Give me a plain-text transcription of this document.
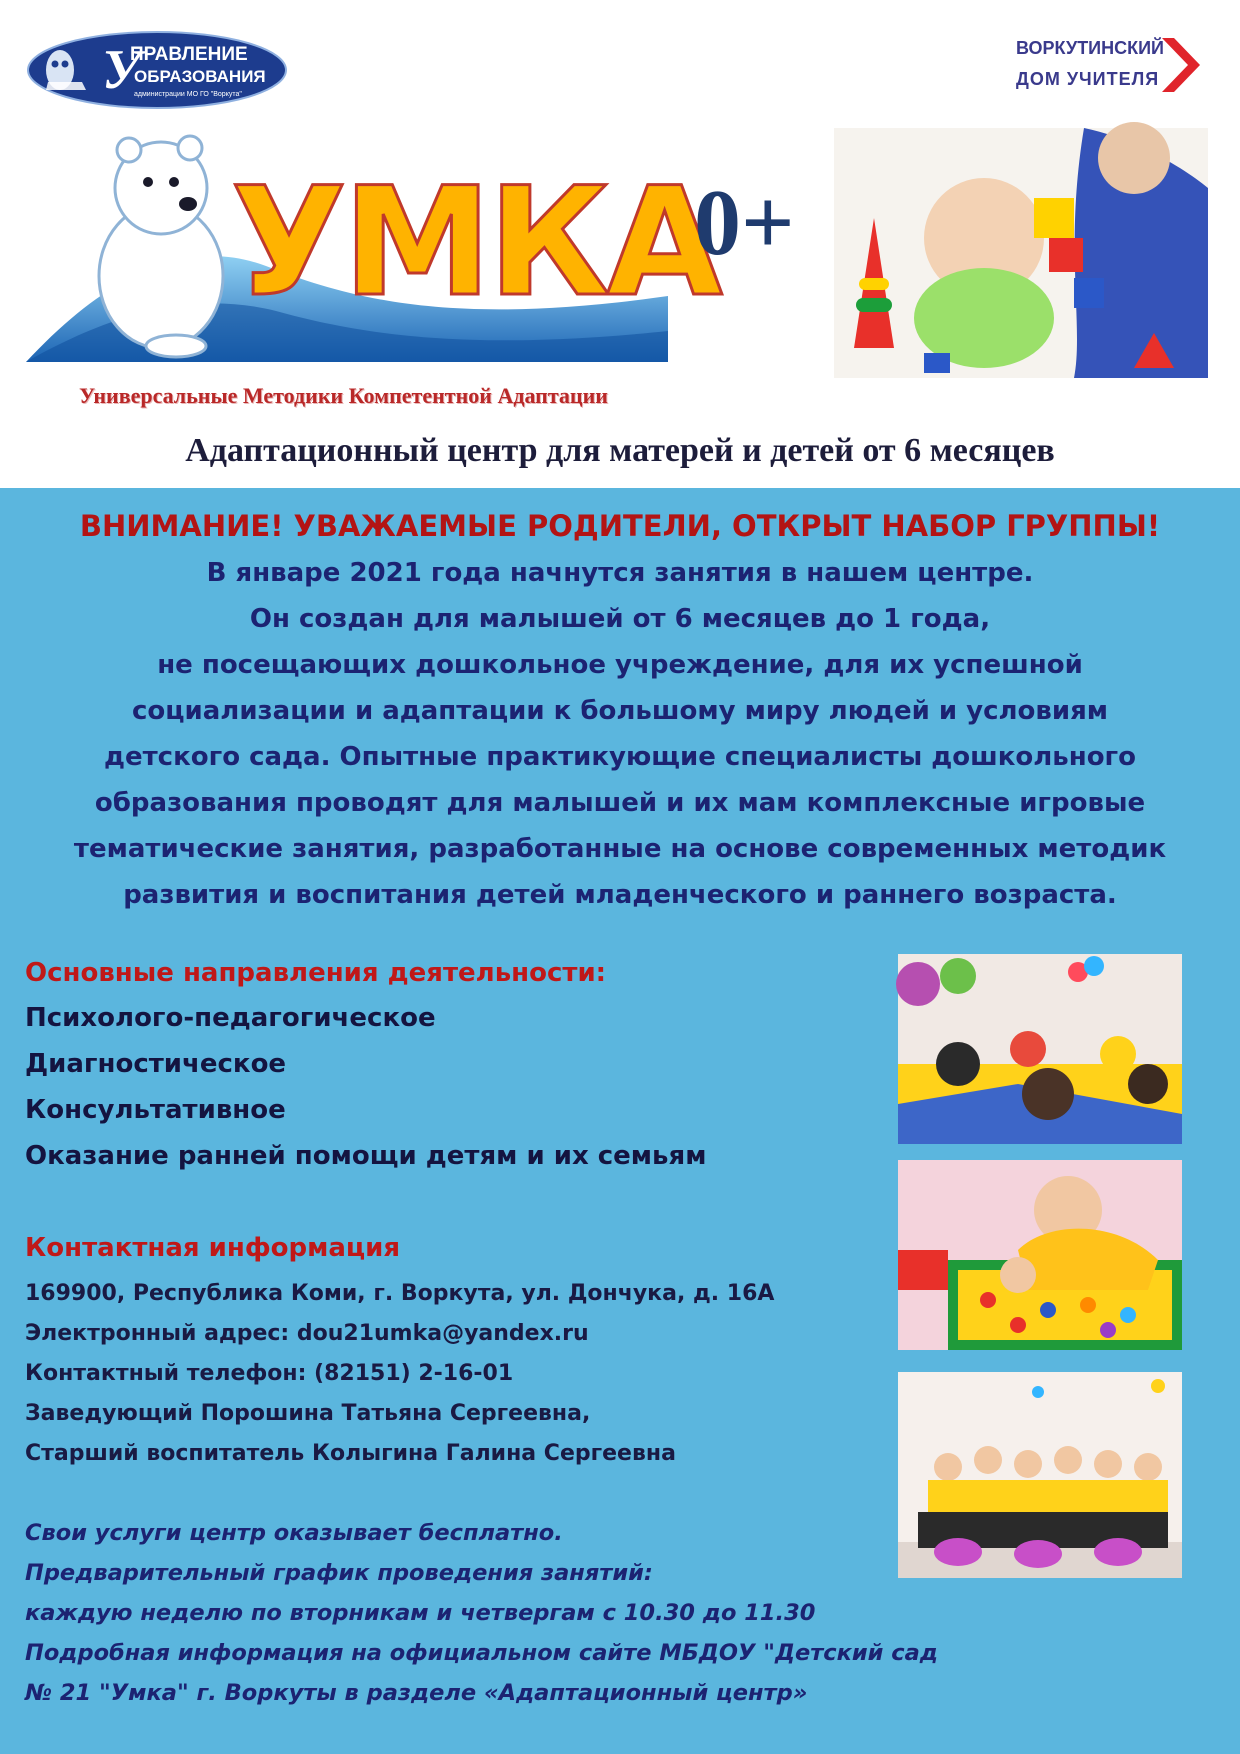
У
ПРАВЛЕНИЕ
ОБРАЗОВАНИЯ
администрации МО ГО "Воркута"
ВОРКУТИНСКИЙ
ДОМ УЧИТЕЛЯ
УМКА
0+
Универсальные Методики Компетентной Адаптации
Адаптационный центр для матерей и детей от 6 месяцев
ВНИМАНИЕ! УВАЖАЕМЫЕ РОДИТЕЛИ, ОТКРЫТ НАБОР ГРУППЫ!
В январе 2021 года начнутся занятия в нашем центре.
Он создан для малышей от 6 месяцев до 1 года,
не посещающих дошкольное учреждение, для их успешной
социализации и адаптации к большому миру людей и условиям
детского сада. Опытные практикующие специалисты дошкольного
образования проводят для малышей и их мам комплексные игровые
тематические занятия, разработанные на основе современных методик
развития и воспитания детей младенческого и раннего возраста.
Основные направления деятельности:
Психолого-педагогическое
Диагностическое
Консультативное
Оказание ранней помощи детям и их семьям
Контактная информация
169900, Республика Коми, г. Воркута, ул. Дончука, д. 16А
Электронный адрес: dou21umka@yandex.ru
Контактный телефон: (82151) 2-16-01
Заведующий Порошина Татьяна Сергеевна,
Старший воспитатель Колыгина Галина Сергеевна
Свои услуги центр оказывает бесплатно.
Предварительный график проведения занятий:
каждую неделю по вторникам и четвергам с 10.30 до 11.30
Подробная информация на официальном сайте МБДОУ "Детский сад
№ 21 "Умка" г. Воркуты в разделе «Адаптационный центр»
